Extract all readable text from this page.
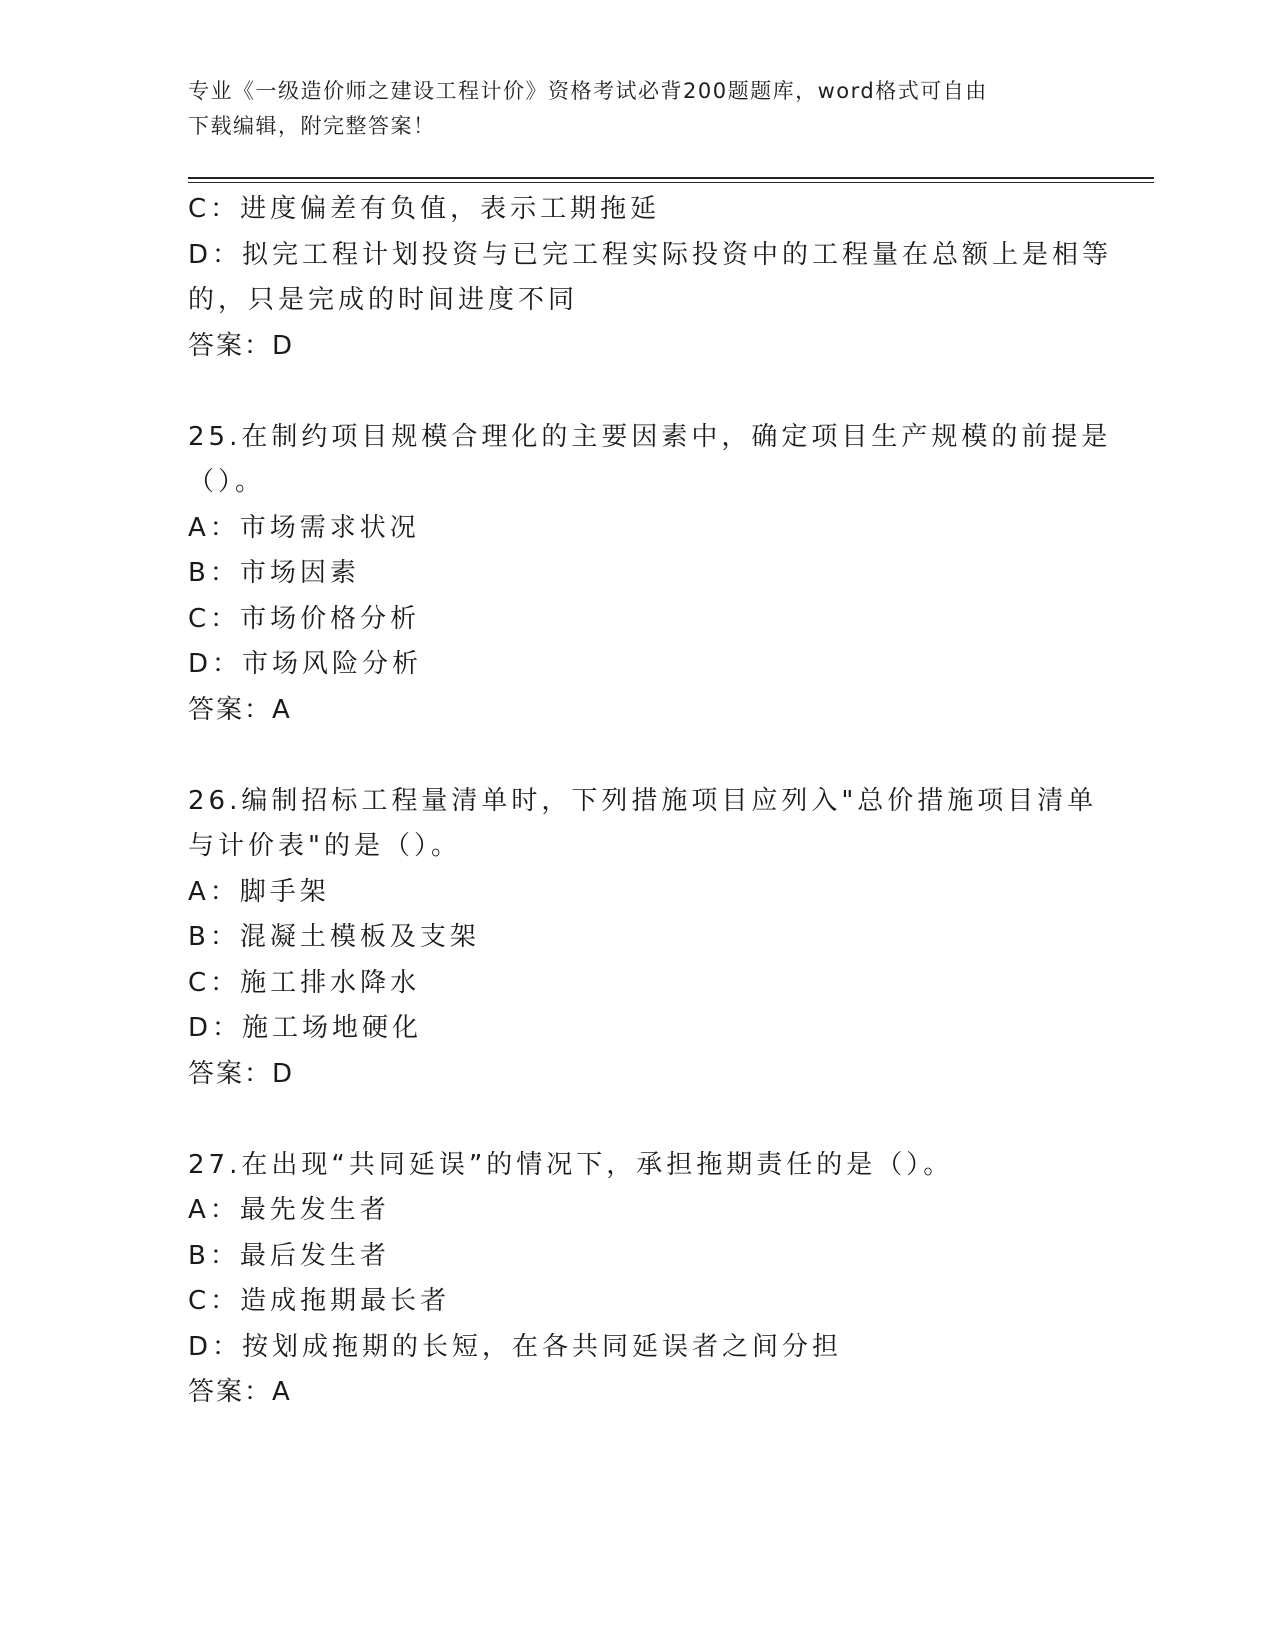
专业《一级造价师之建设工程计价》资格考试必背200题题库，word格式可自由
下载编辑，附完整答案！
C：进度偏差有负值，表示工期拖延
D：拟完工程计划投资与已完工程实际投资中的工程量在总额上是相等
的，只是完成的时间进度不同
答案：D
25.在制约项目规模合理化的主要因素中，确定项目生产规模的前提是
（）。
A：市场需求状况
B：市场因素
C：市场价格分析
D：市场风险分析
答案：A
26.编制招标工程量清单时，下列措施项目应列入"总价措施项目清单
与计价表"的是（）。
A：脚手架
B：混凝土模板及支架
C：施工排水降水
D：施工场地硬化
答案：D
27.在出现“共同延误”的情况下，承担拖期责任的是（）。
A：最先发生者
B：最后发生者
C：造成拖期最长者
D：按划成拖期的长短，在各共同延误者之间分担
答案：A
